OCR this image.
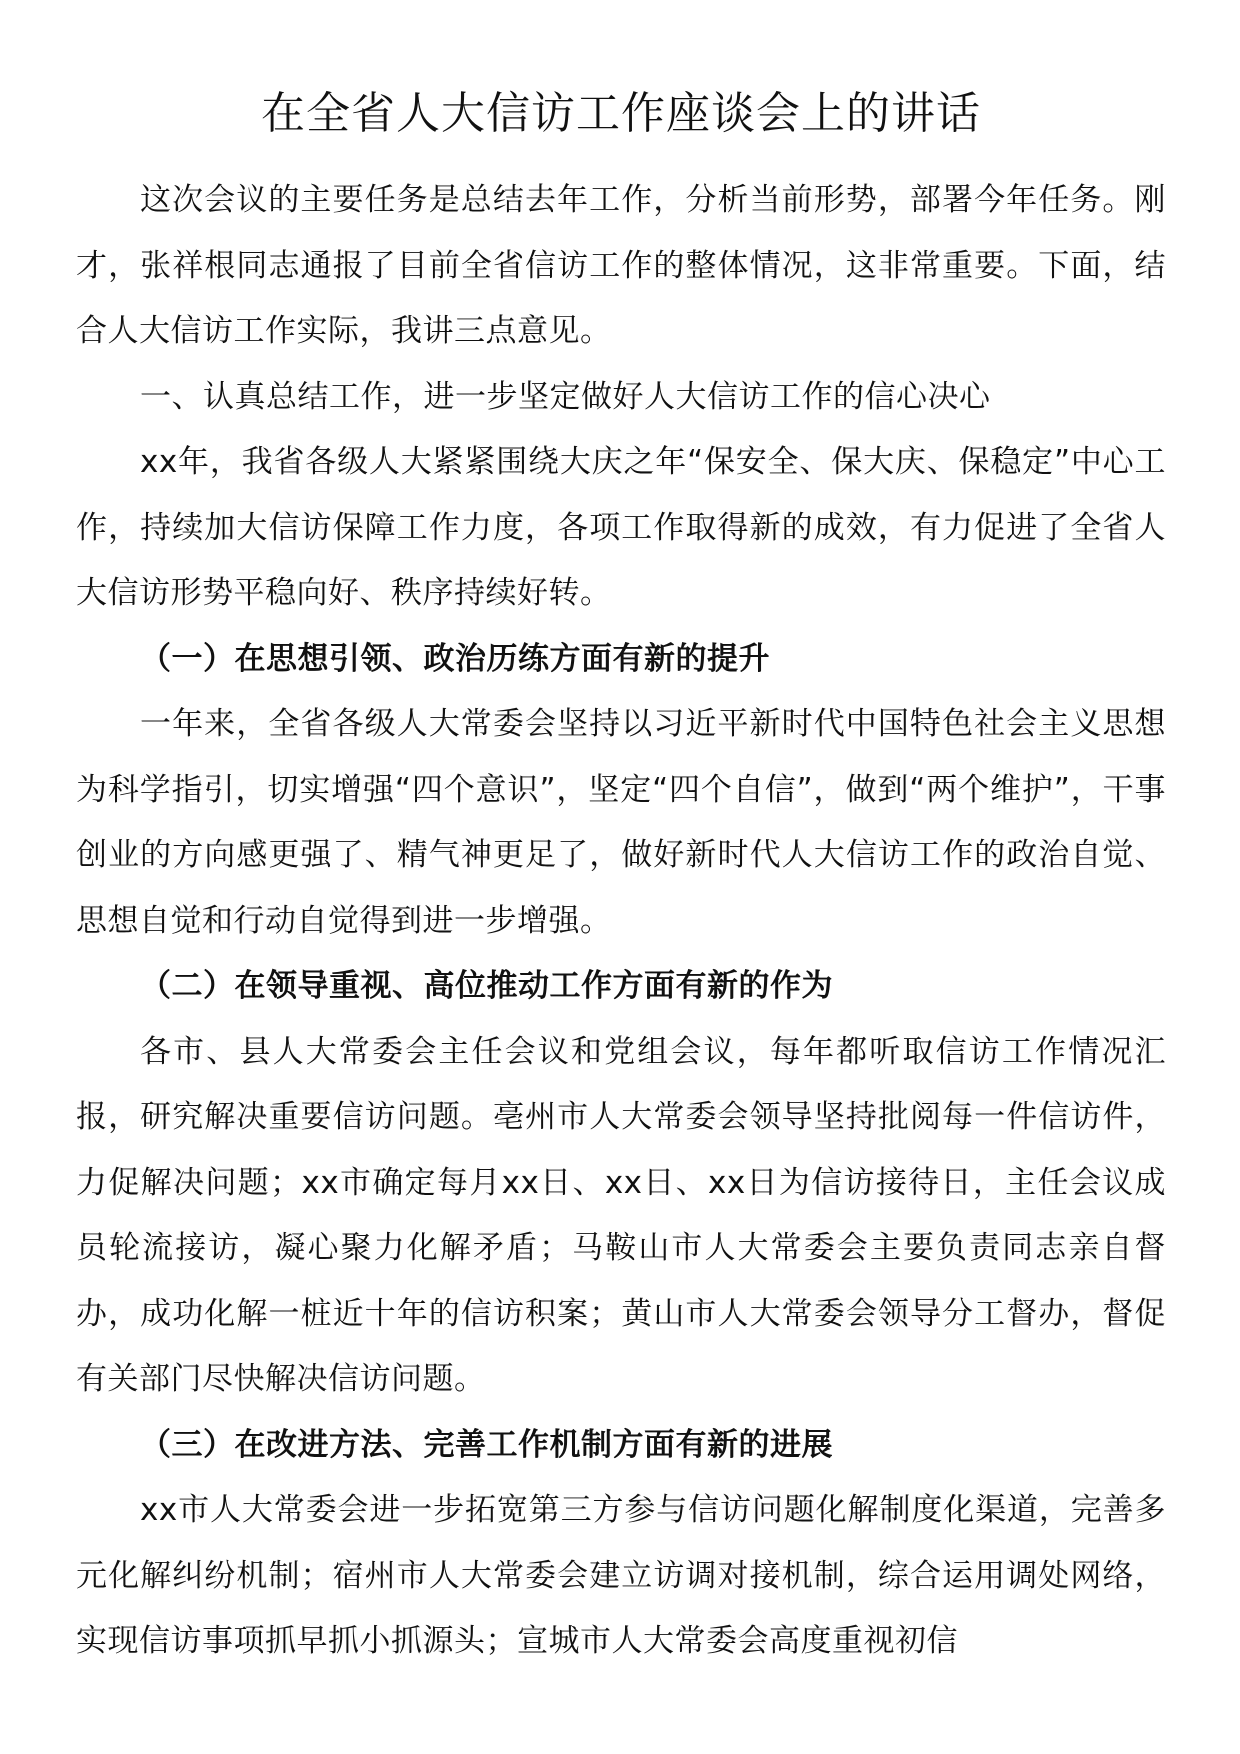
在全省人大信访工作座谈会上的讲话

这次会议的主要任务是总结去年工作，分析当前形势，部署今年任务。刚才，张祥根同志通报了目前全省信访工作的整体情况，这非常重要。下面，结合人大信访工作实际，我讲三点意见。

一、认真总结工作，进一步坚定做好人大信访工作的信心决心

xx年，我省各级人大紧紧围绕大庆之年“保安全、保大庆、保稳定”中心工作，持续加大信访保障工作力度，各项工作取得新的成效，有力促进了全省人大信访形势平稳向好、秩序持续好转。

（一）在思想引领、政治历练方面有新的提升

一年来，全省各级人大常委会坚持以习近平新时代中国特色社会主义思想为科学指引，切实增强“四个意识”，坚定“四个自信”，做到“两个维护”，干事创业的方向感更强了、精气神更足了，做好新时代人大信访工作的政治自觉、思想自觉和行动自觉得到进一步增强。

（二）在领导重视、高位推动工作方面有新的作为

各市、县人大常委会主任会议和党组会议，每年都听取信访工作情况汇报，研究解决重要信访问题。亳州市人大常委会领导坚持批阅每一件信访件，力促解决问题；xx市确定每月xx日、xx日、xx日为信访接待日，主任会议成员轮流接访，凝心聚力化解矛盾；马鞍山市人大常委会主要负责同志亲自督办，成功化解一桩近十年的信访积案；黄山市人大常委会领导分工督办，督促有关部门尽快解决信访问题。

（三）在改进方法、完善工作机制方面有新的进展

xx市人大常委会进一步拓宽第三方参与信访问题化解制度化渠道，完善多元化解纠纷机制；宿州市人大常委会建立访调对接机制，综合运用调处网络，实现信访事项抓早抓小抓源头；宣城市人大常委会高度重视初信
